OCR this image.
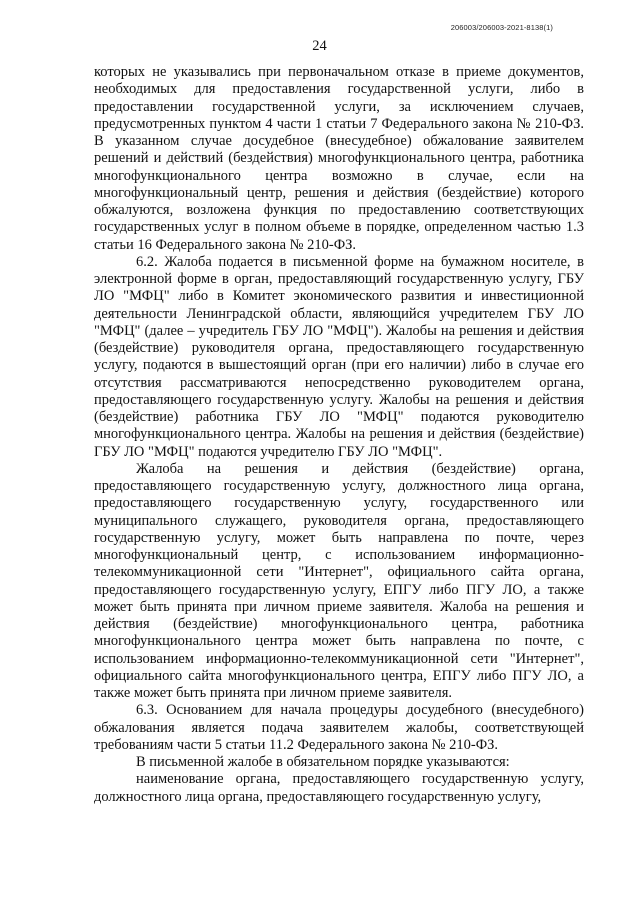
206003/206003-2021-8138(1)
24

которых не указывались при первоначальном отказе в приеме документов, необходимых для предоставления государственной услуги, либо в предоставлении государственной услуги, за исключением случаев, предусмотренных пунктом 4 части 1 статьи 7 Федерального закона № 210-ФЗ. В указанном случае досудебное (внесудебное) обжалование заявителем решений и действий (бездействия) многофункционального центра, работника многофункционального центра возможно в случае, если на многофункциональный центр, решения и действия (бездействие) которого обжалуются, возложена функция по предоставлению соответствующих государственных услуг в полном объеме в порядке, определенном частью 1.3 статьи 16 Федерального закона № 210-ФЗ.

6.2. Жалоба подается в письменной форме на бумажном носителе, в электронной форме в орган, предоставляющий государственную услугу, ГБУ ЛО "МФЦ" либо в Комитет экономического развития и инвестиционной деятельности Ленинградской области, являющийся учредителем ГБУ ЛО "МФЦ" (далее – учредитель ГБУ ЛО "МФЦ"). Жалобы на решения и действия (бездействие) руководителя органа, предоставляющего государственную услугу, подаются в вышестоящий орган (при его наличии) либо в случае его отсутствия рассматриваются непосредственно руководителем органа, предоставляющего государственную услугу. Жалобы на решения и действия (бездействие) работника ГБУ ЛО "МФЦ" подаются руководителю многофункционального центра. Жалобы на решения и действия (бездействие) ГБУ ЛО "МФЦ" подаются учредителю ГБУ ЛО "МФЦ".

Жалоба на решения и действия (бездействие) органа, предоставляющего государственную услугу, должностного лица органа, предоставляющего государственную услугу, государственного или муниципального служащего, руководителя органа, предоставляющего государственную услугу, может быть направлена по почте, через многофункциональный центр, с использованием информационно-телекоммуникационной сети "Интернет", официального сайта органа, предоставляющего государственную услугу, ЕПГУ либо ПГУ ЛО, а также может быть принята при личном приеме заявителя. Жалоба на решения и действия (бездействие) многофункционального центра, работника многофункционального центра может быть направлена по почте, с использованием информационно-телекоммуникационной сети "Интернет", официального сайта многофункционального центра, ЕПГУ либо ПГУ ЛО, а также может быть принята при личном приеме заявителя.

6.3. Основанием для начала процедуры досудебного (внесудебного) обжалования является подача заявителем жалобы, соответствующей требованиям части 5 статьи 11.2 Федерального закона № 210-ФЗ.

В письменной жалобе в обязательном порядке указываются:

наименование органа, предоставляющего государственную услугу, должностного лица органа, предоставляющего государственную услугу,
